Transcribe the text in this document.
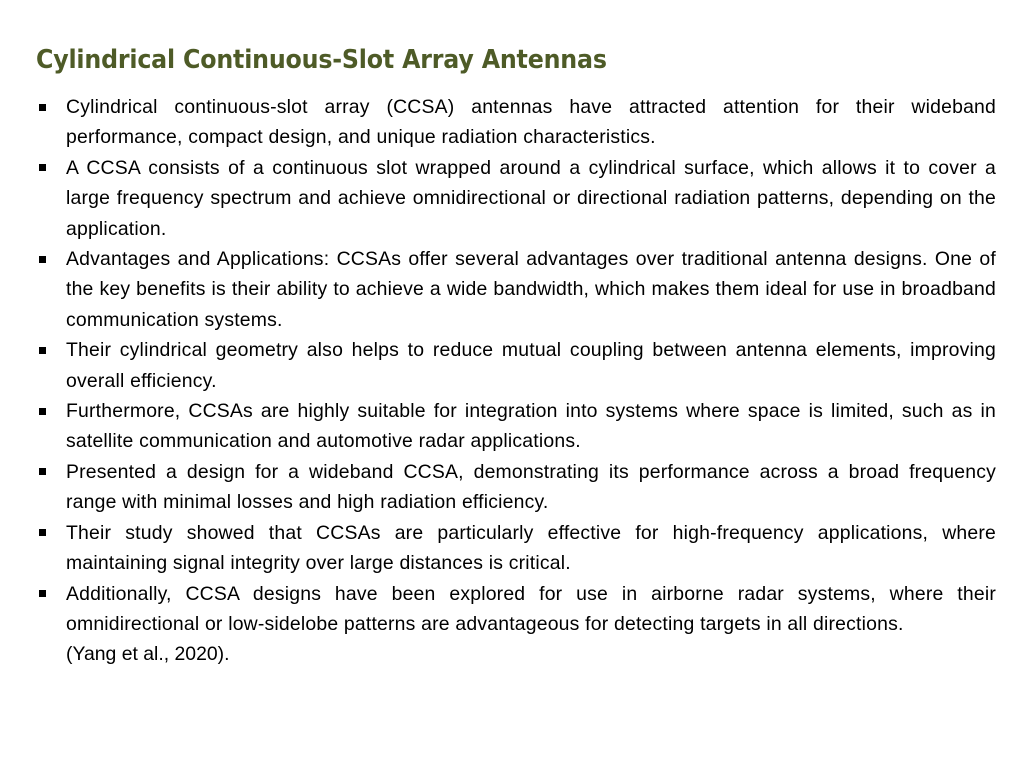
Cylindrical Continuous-Slot Array Antennas
Cylindrical continuous-slot array (CCSA) antennas have attracted attention for their wideband performance, compact design, and unique radiation characteristics.
A CCSA consists of a continuous slot wrapped around a cylindrical surface, which allows it to cover a large frequency spectrum and achieve omnidirectional or directional radiation patterns, depending on the application.
Advantages and Applications: CCSAs offer several advantages over traditional antenna designs. One of the key benefits is their ability to achieve a wide bandwidth, which makes them ideal for use in broadband communication systems.
Their cylindrical geometry also helps to reduce mutual coupling between antenna elements, improving overall efficiency.
Furthermore, CCSAs are highly suitable for integration into systems where space is limited, such as in satellite communication and automotive radar applications.
Presented a design for a wideband CCSA, demonstrating its performance across a broad frequency range with minimal losses and high radiation efficiency.
Their study showed that CCSAs are particularly effective for high-frequency applications, where maintaining signal integrity over large distances is critical.
Additionally, CCSA designs have been explored for use in airborne radar systems, where their omnidirectional or low-sidelobe patterns are advantageous for detecting targets in all directions.
(Yang et al., 2020).
